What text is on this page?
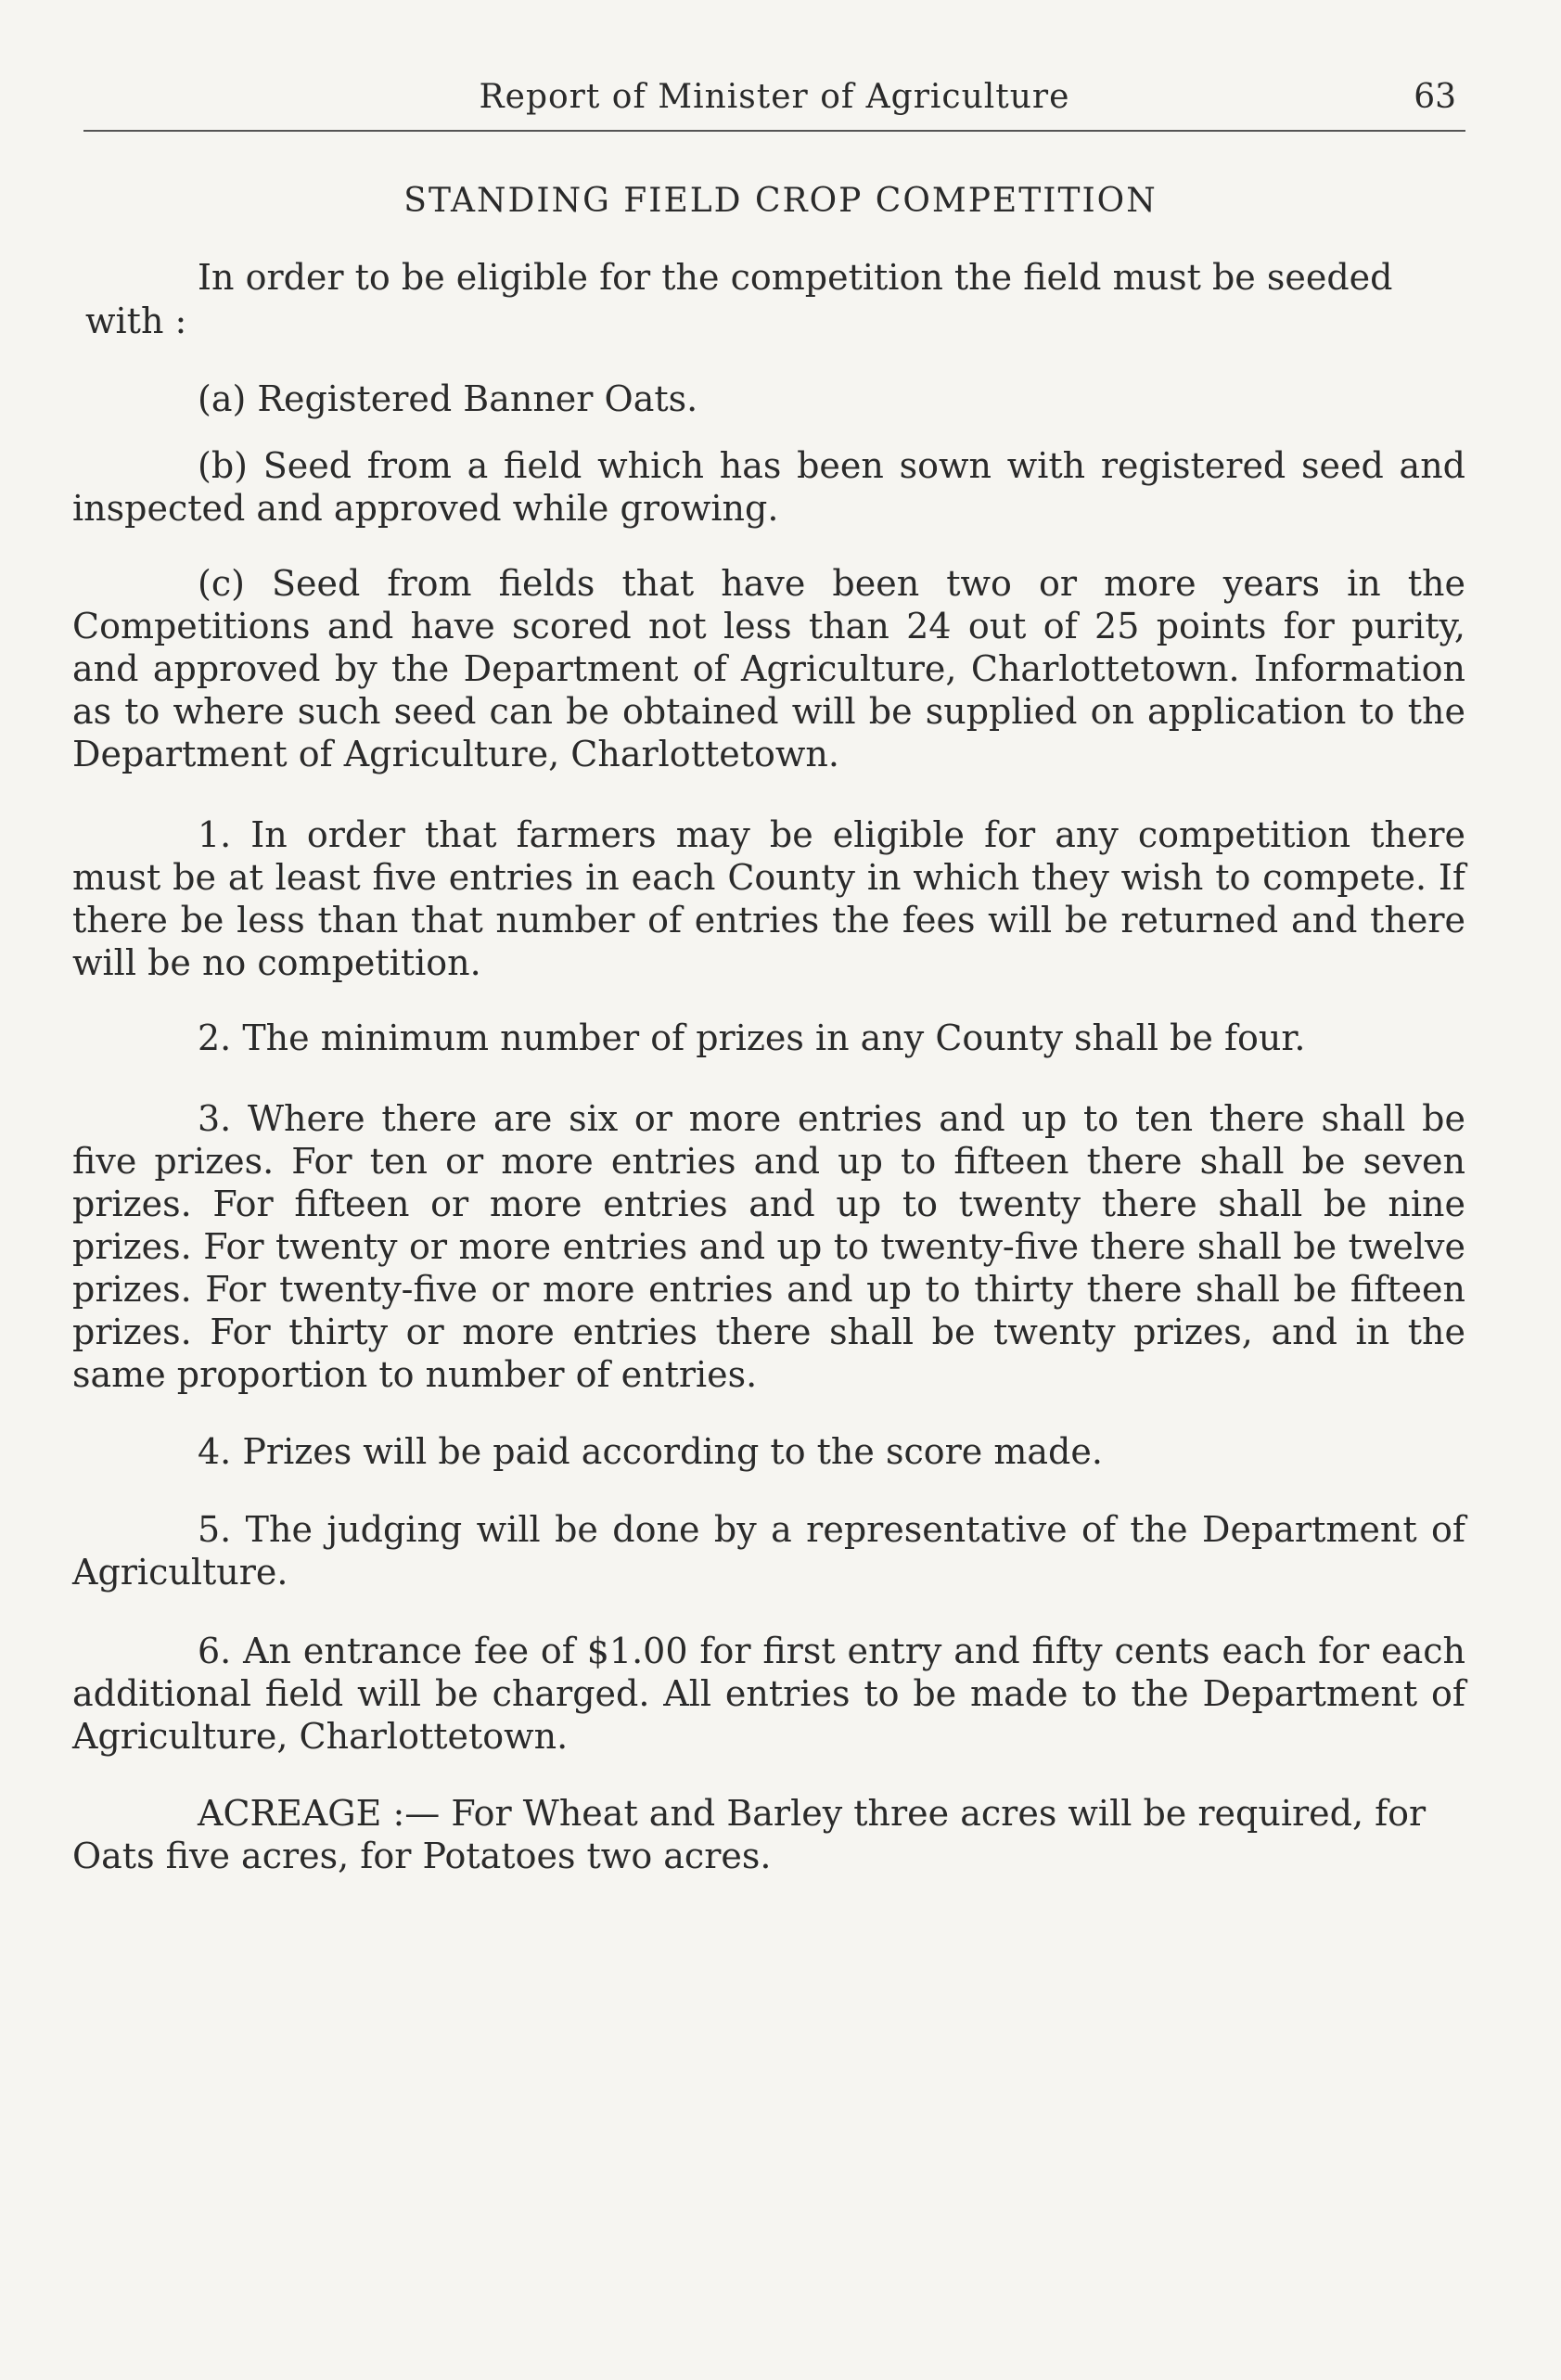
Report of Minister of Agriculture	63
STANDING FIELD CROP COMPETITION
In order to be eligible for the competition the field must be seeded
with :
(a) Registered Banner Oats.
(b) Seed from a field which has been sown with registered seed and inspected and approved while growing.
(c) Seed from fields that have been two or more years in the Competitions and have scored not less than 24 out of 25 points for purity, and approved by the Department of Agriculture, Charlottetown. Information as to where such seed can be obtained will be supplied on application to the Department of Agriculture, Charlottetown.
1. In order that farmers may be eligible for any competition there must be at least five entries in each County in which they wish to compete. If there be less than that number of entries the fees will be returned and there will be no competition.
2. The minimum number of prizes in any County shall be four.
3. Where there are six or more entries and up to ten there shall be five prizes. For ten or more entries and up to fifteen there shall be seven prizes. For fifteen or more entries and up to twenty there shall be nine prizes. For twenty or more entries and up to twenty-five there shall be twelve prizes. For twenty-five or more entries and up to thirty there shall be fifteen prizes. For thirty or more entries there shall be twenty prizes, and in the same proportion to number of entries.
4. Prizes will be paid according to the score made.
5. The judging will be done by a representative of the Department of Agriculture.
6. An entrance fee of $1.00 for first entry and fifty cents each for each additional field will be charged. All entries to be made to the Department of Agriculture, Charlottetown.
ACREAGE :— For Wheat and Barley three acres will be required, for Oats five acres, for Potatoes two acres.
